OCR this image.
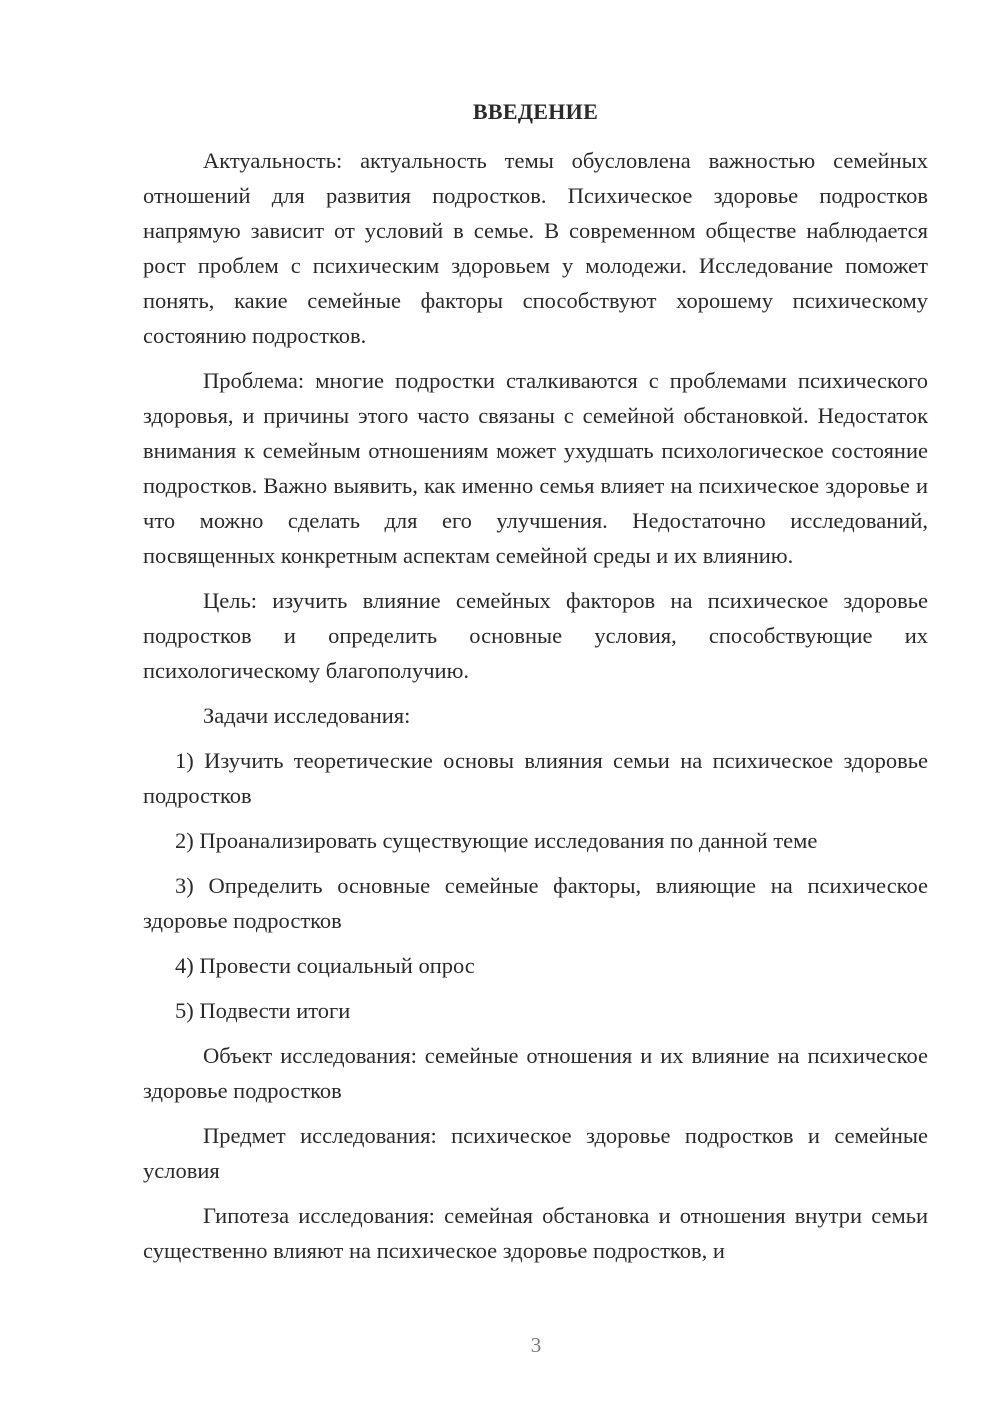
ВВЕДЕНИЕ

Актуальность: актуальность темы обусловлена важностью семейных отношений для развития подростков. Психическое здоровье подростков напрямую зависит от условий в семье. В современном обществе наблюдается рост проблем с психическим здоровьем у молодежи. Исследование поможет понять, какие семейные факторы способствуют хорошему психическому состоянию подростков.

Проблема: многие подростки сталкиваются с проблемами психического здоровья, и причины этого часто связаны с семейной обстановкой. Недостаток внимания к семейным отношениям может ухудшать психологическое состояние подростков. Важно выявить, как именно семья влияет на психическое здоровье и что можно сделать для его улучшения. Недостаточно исследований, посвященных конкретным аспектам семейной среды и их влиянию.

Цель: изучить влияние семейных факторов на психическое здоровье подростков и определить основные условия, способствующие их психологическому благополучию.

Задачи исследования:

1) Изучить теоретические основы влияния семьи на психическое здоровье подростков

2) Проанализировать существующие исследования по данной теме

3) Определить основные семейные факторы, влияющие на психическое здоровье подростков

4) Провести социальный опрос

5) Подвести итоги

Объект исследования: семейные отношения и их влияние на психическое здоровье подростков

Предмет исследования: психическое здоровье подростков и семейные условия

Гипотеза исследования: семейная обстановка и отношения внутри семьи существенно влияют на психическое здоровье подростков, и

3
